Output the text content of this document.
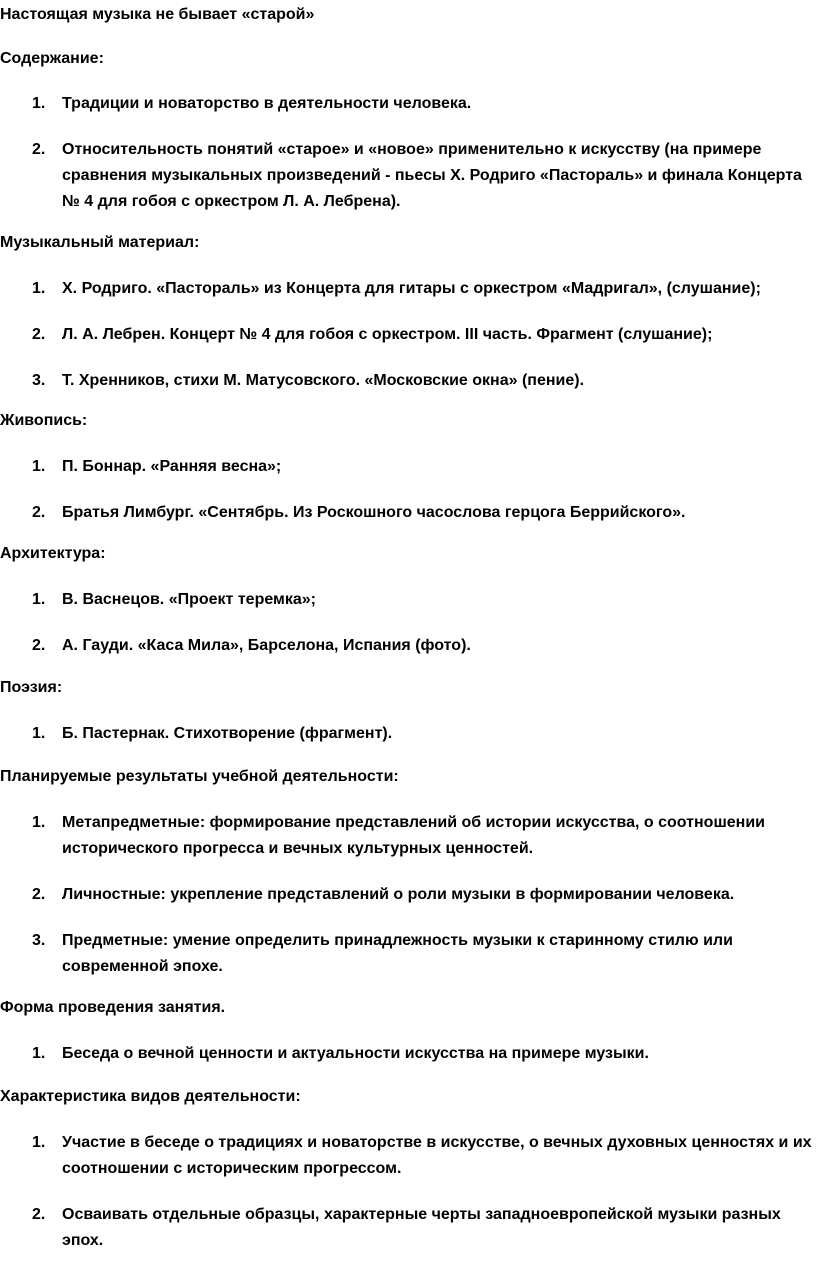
Настоящая музыка не бывает «старой»

Содержание:

1. Традиции и новаторство в деятельности человека.
2. Относительность понятий «старое» и «новое» применительно к искусству (на примере сравнения музыкальных произведений - пьесы Х. Родриго «Пастораль» и финала Концерта № 4 для гобоя с оркестром Л. А. Лебрена).

Музыкальный материал:

1. Х. Родриго. «Пастораль» из Концерта для гитары с оркестром «Мадригал», (слушание);
2. Л. А. Лебрен. Концерт № 4 для гобоя с оркестром. III часть. Фрагмент (слушание);
3. Т. Хренников, стихи М. Матусовского. «Московские окна» (пение).

Живопись:

1. П. Боннар. «Ранняя весна»;
2. Братья Лимбург. «Сентябрь. Из Роскошного часослова герцога Беррийского».

Архитектура:

1. В. Васнецов. «Проект теремка»;
2. А. Гауди. «Каса Мила», Барселона, Испания (фото).

Поэзия:

1. Б. Пастернак. Стихотворение (фрагмент).

Планируемые результаты учебной деятельности:

1. Метапредметные: формирование представлений об истории искусства, о соотношении исторического прогресса и вечных культурных ценностей.
2. Личностные: укрепление представлений о роли музыки в формировании человека.
3. Предметные: умение определить принадлежность музыки к старинному стилю или современной эпохе.

Форма проведения занятия.

1. Беседа о вечной ценности и актуальности искусства на примере музыки.

Характеристика видов деятельности:

1. Участие в беседе о традициях и новаторстве в искусстве, о вечных духовных ценностях и их соотношении с историческим прогрессом.
2. Осваивать отдельные образцы, характерные черты западноевропейской музыки разных эпох.
